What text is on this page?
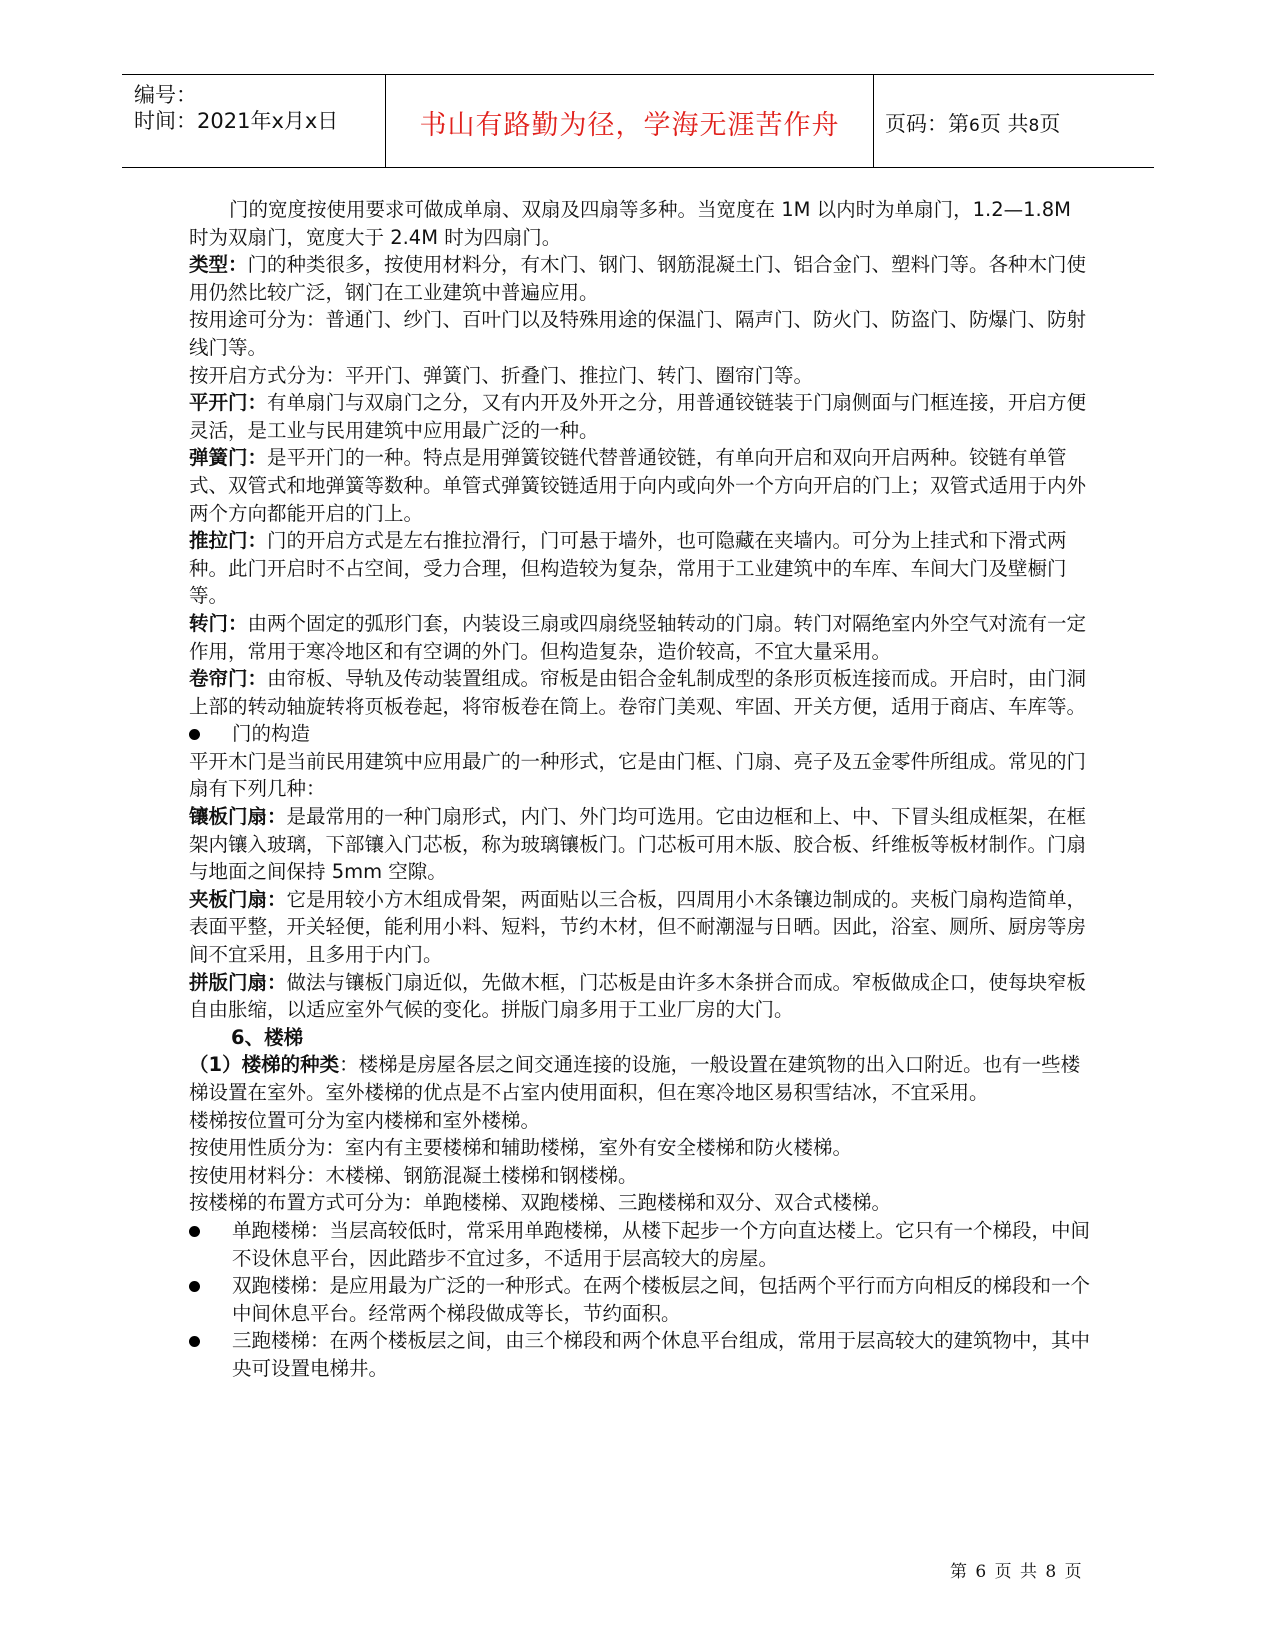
编号：
时间：2021年x月x日	书山有路勤为径，学海无涯苦作舟	页码：第6页 共8页

门的宽度按使用要求可做成单扇、双扇及四扇等多种。当宽度在 1M 以内时为单扇门，1.2—1.8M 时为双扇门，宽度大于 2.4M 时为四扇门。

类型：门的种类很多，按使用材料分，有木门、钢门、钢筋混凝土门、铝合金门、塑料门等。各种木门使用仍然比较广泛，钢门在工业建筑中普遍应用。

按用途可分为：普通门、纱门、百叶门以及特殊用途的保温门、隔声门、防火门、防盗门、防爆门、防射线门等。

按开启方式分为：平开门、弹簧门、折叠门、推拉门、转门、圈帘门等。

平开门：有单扇门与双扇门之分，又有内开及外开之分，用普通铰链装于门扇侧面与门框连接，开启方便灵活，是工业与民用建筑中应用最广泛的一种。

弹簧门：是平开门的一种。特点是用弹簧铰链代替普通铰链，有单向开启和双向开启两种。铰链有单管式、双管式和地弹簧等数种。单管式弹簧铰链适用于向内或向外一个方向开启的门上；双管式适用于内外两个方向都能开启的门上。

推拉门：门的开启方式是左右推拉滑行，门可悬于墙外，也可隐藏在夹墙内。可分为上挂式和下滑式两种。此门开启时不占空间，受力合理，但构造较为复杂，常用于工业建筑中的车库、车间大门及壁橱门等。

转门：由两个固定的弧形门套，内装设三扇或四扇绕竖轴转动的门扇。转门对隔绝室内外空气对流有一定作用，常用于寒冷地区和有空调的外门。但构造复杂，造价较高，不宜大量采用。

卷帘门：由帘板、导轨及传动装置组成。帘板是由铝合金轧制成型的条形页板连接而成。开启时，由门洞上部的转动轴旋转将页板卷起，将帘板卷在筒上。卷帘门美观、牢固、开关方便，适用于商店、车库等。

门的构造

平开木门是当前民用建筑中应用最广的一种形式，它是由门框、门扇、亮子及五金零件所组成。常见的门扇有下列几种：

镶板门扇：是最常用的一种门扇形式，内门、外门均可选用。它由边框和上、中、下冒头组成框架，在框架内镶入玻璃，下部镶入门芯板，称为玻璃镶板门。门芯板可用木版、胶合板、纤维板等板材制作。门扇与地面之间保持 5mm 空隙。

夹板门扇：它是用较小方木组成骨架，两面贴以三合板，四周用小木条镶边制成的。夹板门扇构造简单，表面平整，开关轻便，能利用小料、短料，节约木材，但不耐潮湿与日晒。因此，浴室、厕所、厨房等房间不宜采用，且多用于内门。

拼版门扇：做法与镶板门扇近似，先做木框，门芯板是由许多木条拼合而成。窄板做成企口，使每块窄板自由胀缩，以适应室外气候的变化。拼版门扇多用于工业厂房的大门。

6、楼梯

（1）楼梯的种类：楼梯是房屋各层之间交通连接的设施，一般设置在建筑物的出入口附近。也有一些楼梯设置在室外。室外楼梯的优点是不占室内使用面积，但在寒冷地区易积雪结冰，不宜采用。

楼梯按位置可分为室内楼梯和室外楼梯。

按使用性质分为：室内有主要楼梯和辅助楼梯，室外有安全楼梯和防火楼梯。

按使用材料分：木楼梯、钢筋混凝土楼梯和钢楼梯。

按楼梯的布置方式可分为：单跑楼梯、双跑楼梯、三跑楼梯和双分、双合式楼梯。

单跑楼梯：当层高较低时，常采用单跑楼梯，从楼下起步一个方向直达楼上。它只有一个梯段，中间不设休息平台，因此踏步不宜过多，不适用于层高较大的房屋。

双跑楼梯：是应用最为广泛的一种形式。在两个楼板层之间，包括两个平行而方向相反的梯段和一个中间休息平台。经常两个梯段做成等长，节约面积。

三跑楼梯：在两个楼板层之间，由三个梯段和两个休息平台组成，常用于层高较大的建筑物中，其中央可设置电梯井。

第 6 页 共 8 页
